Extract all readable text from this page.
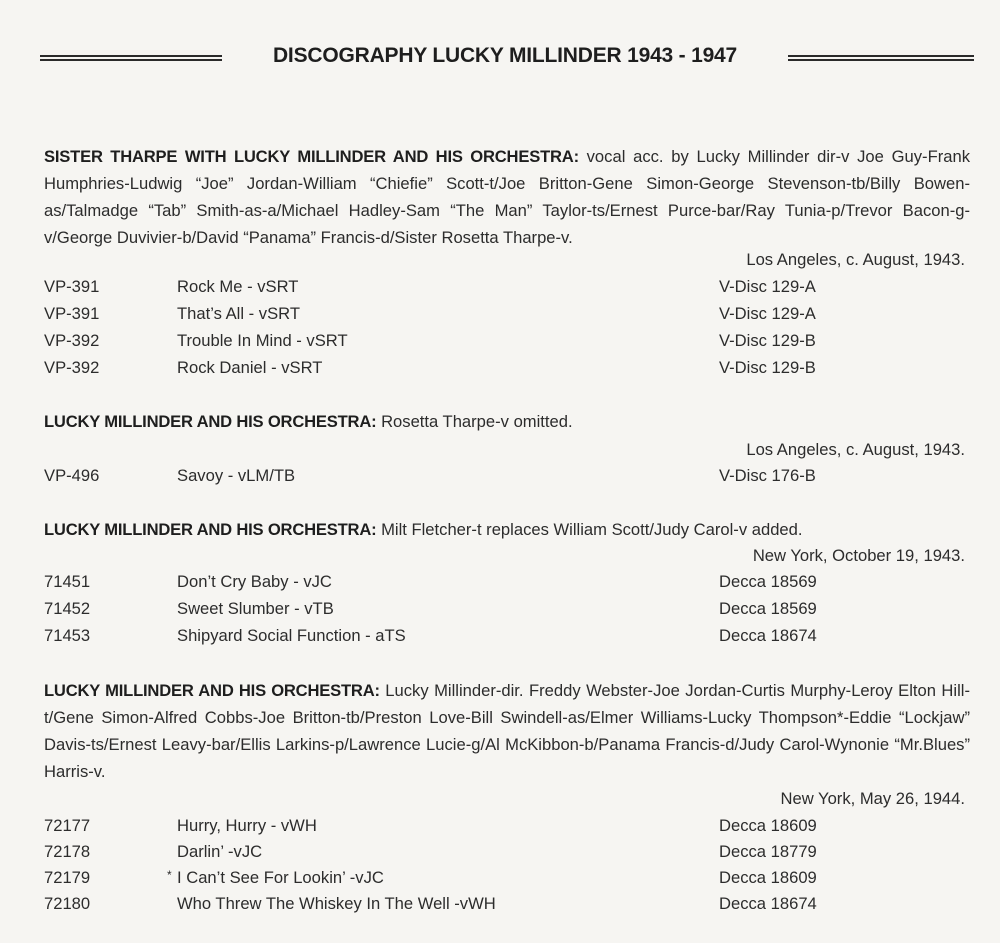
DISCOGRAPHY LUCKY MILLINDER 1943 - 1947
SISTER THARPE WITH LUCKY MILLINDER AND HIS ORCHESTRA: vocal acc. by Lucky Millinder dir-v Joe Guy-Frank Humphries-Ludwig “Joe” Jordan-William “Chiefie” Scott-t/Joe Britton-Gene Simon-George Stevenson-tb/Billy Bowen-as/Talmadge “Tab” Smith-as-a/Michael Hadley-Sam “The Man” Taylor-ts/Ernest Purce-bar/Ray Tunia-p/Trevor Bacon-g-v/George Duvivier-b/David “Panama” Francis-d/Sister Rosetta Tharpe-v.
Los Angeles, c. August, 1943.
VP-391	Rock Me - vSRT	V-Disc 129-A
VP-391	That’s All - vSRT	V-Disc 129-A
VP-392	Trouble In Mind - vSRT	V-Disc 129-B
VP-392	Rock Daniel - vSRT	V-Disc 129-B
LUCKY MILLINDER AND HIS ORCHESTRA: Rosetta Tharpe-v omitted.
Los Angeles, c. August, 1943.
VP-496	Savoy - vLM/TB	V-Disc 176-B
LUCKY MILLINDER AND HIS ORCHESTRA: Milt Fletcher-t replaces William Scott/Judy Carol-v added.
New York, October 19, 1943.
71451	Don’t Cry Baby - vJC	Decca 18569
71452	Sweet Slumber - vTB	Decca 18569
71453	Shipyard Social Function - aTS	Decca 18674
LUCKY MILLINDER AND HIS ORCHESTRA: Lucky Millinder-dir. Freddy Webster-Joe Jordan-Curtis Murphy-Leroy Elton Hill-t/Gene Simon-Alfred Cobbs-Joe Britton-tb/Preston Love-Bill Swindell-as/Elmer Williams-Lucky Thompson*-Eddie “Lockjaw” Davis-ts/Ernest Leavy-bar/Ellis Larkins-p/Lawrence Lucie-g/Al McKibbon-b/Panama Francis-d/Judy Carol-Wynonie “Mr.Blues” Harris-v.
New York, May 26, 1944.
72177	Hurry, Hurry - vWH	Decca 18609
72178	Darlin’ -vJC	Decca 18779
72179	* I Can’t See For Lookin’ -vJC	Decca 18609
72180	Who Threw The Whiskey In The Well -vWH	Decca 18674
